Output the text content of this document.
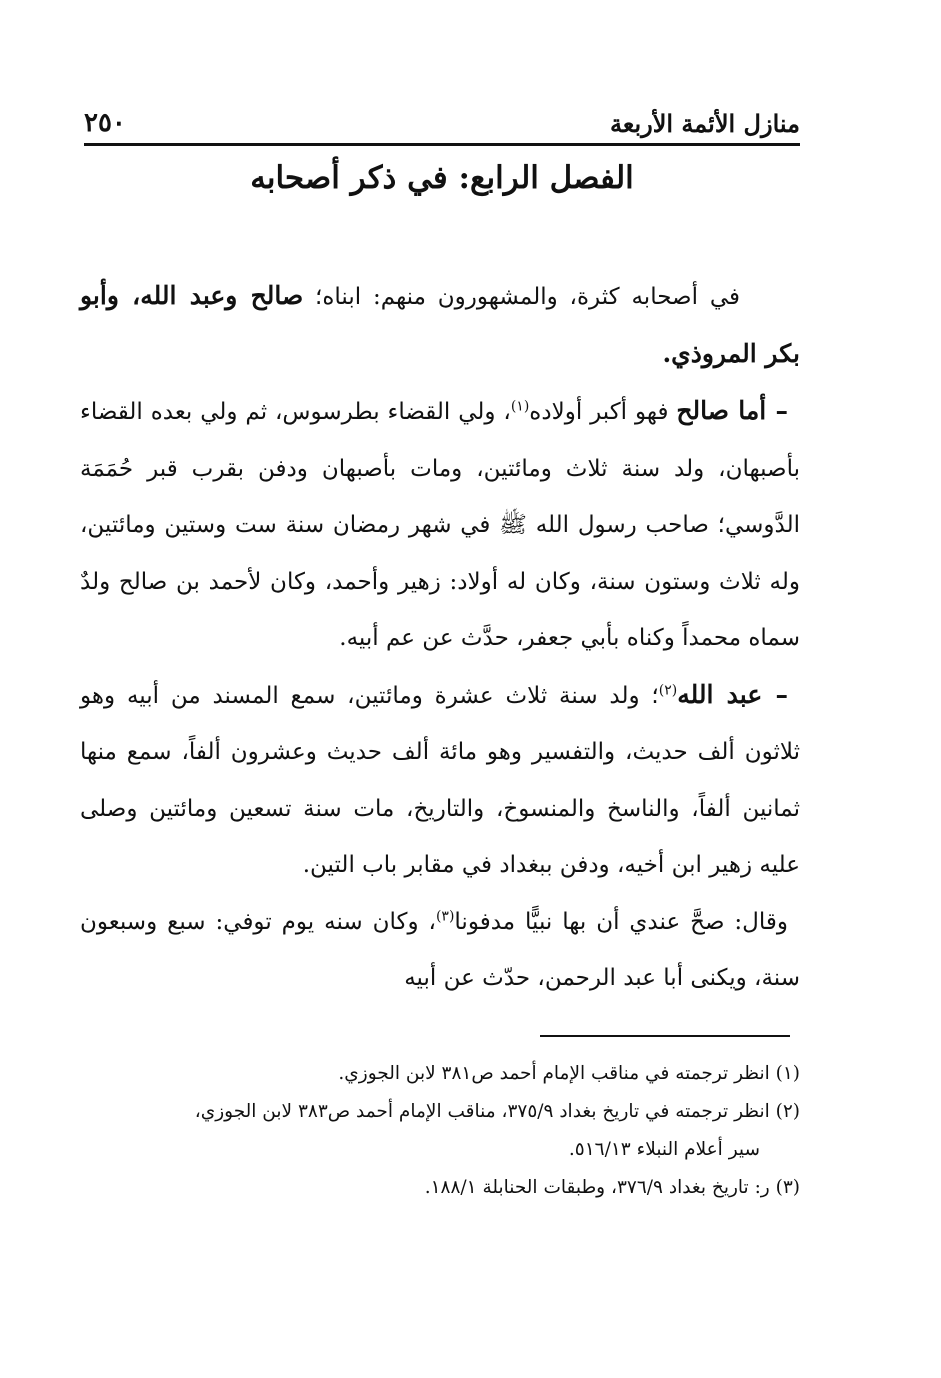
منازل الأئمة الأربعة
٢٥٠
الفصل الرابع: في ذكر أصحابه

في أصحابه كثرة، والمشهورون منهم: ابناه؛ صالح وعبد الله، وأبو بكر المروذي.

– أما صالح فهو أكبر أولاده$^{(١)}$، ولي القضاء بطرسوس، ثم ولي بعده القضاء بأصبهان، ولد سنة ثلاث ومائتين، ومات بأصبهان ودفن بقرب قبر حُمَمَة الدَّوسي؛ صاحب رسول الله ﷺ في شهر رمضان سنة ست وستين ومائتين، وله ثلاث وستون سنة، وكان له أولاد: زهير وأحمد، وكان لأحمد بن صالح ولدٌ سماه محمداً وكناه بأبي جعفر، حدَّث عن عم أبيه.

– عبد الله$^{(٢)}$؛ ولد سنة ثلاث عشرة ومائتين، سمع المسند من أبيه وهو ثلاثون ألف حديث، والتفسير وهو مائة ألف حديث وعشرون ألفاً، سمع منها ثمانين ألفاً، والناسخ والمنسوخ، والتاريخ، مات سنة تسعين ومائتين وصلى عليه زهير ابن أخيه، ودفن ببغداد في مقابر باب التين.

وقال: صحَّ عندي أن بها نبيًّا مدفونا$^{(٣)}$، وكان سنه يوم توفي: سبع وسبعون سنة، ويكنى أبا عبد الرحمن، حدّث عن أبيه

(١) انظر ترجمته في مناقب الإمام أحمد ص٣٨١ لابن الجوزي.

(٢) انظر ترجمته في تاريخ بغداد ٣٧٥/٩، مناقب الإمام أحمد ص٣٨٣ لابن الجوزي،

سير أعلام النبلاء ٥١٦/١٣.

(٣) ر: تاريخ بغداد ٣٧٦/٩، وطبقات الحنابلة ١٨٨/١.
